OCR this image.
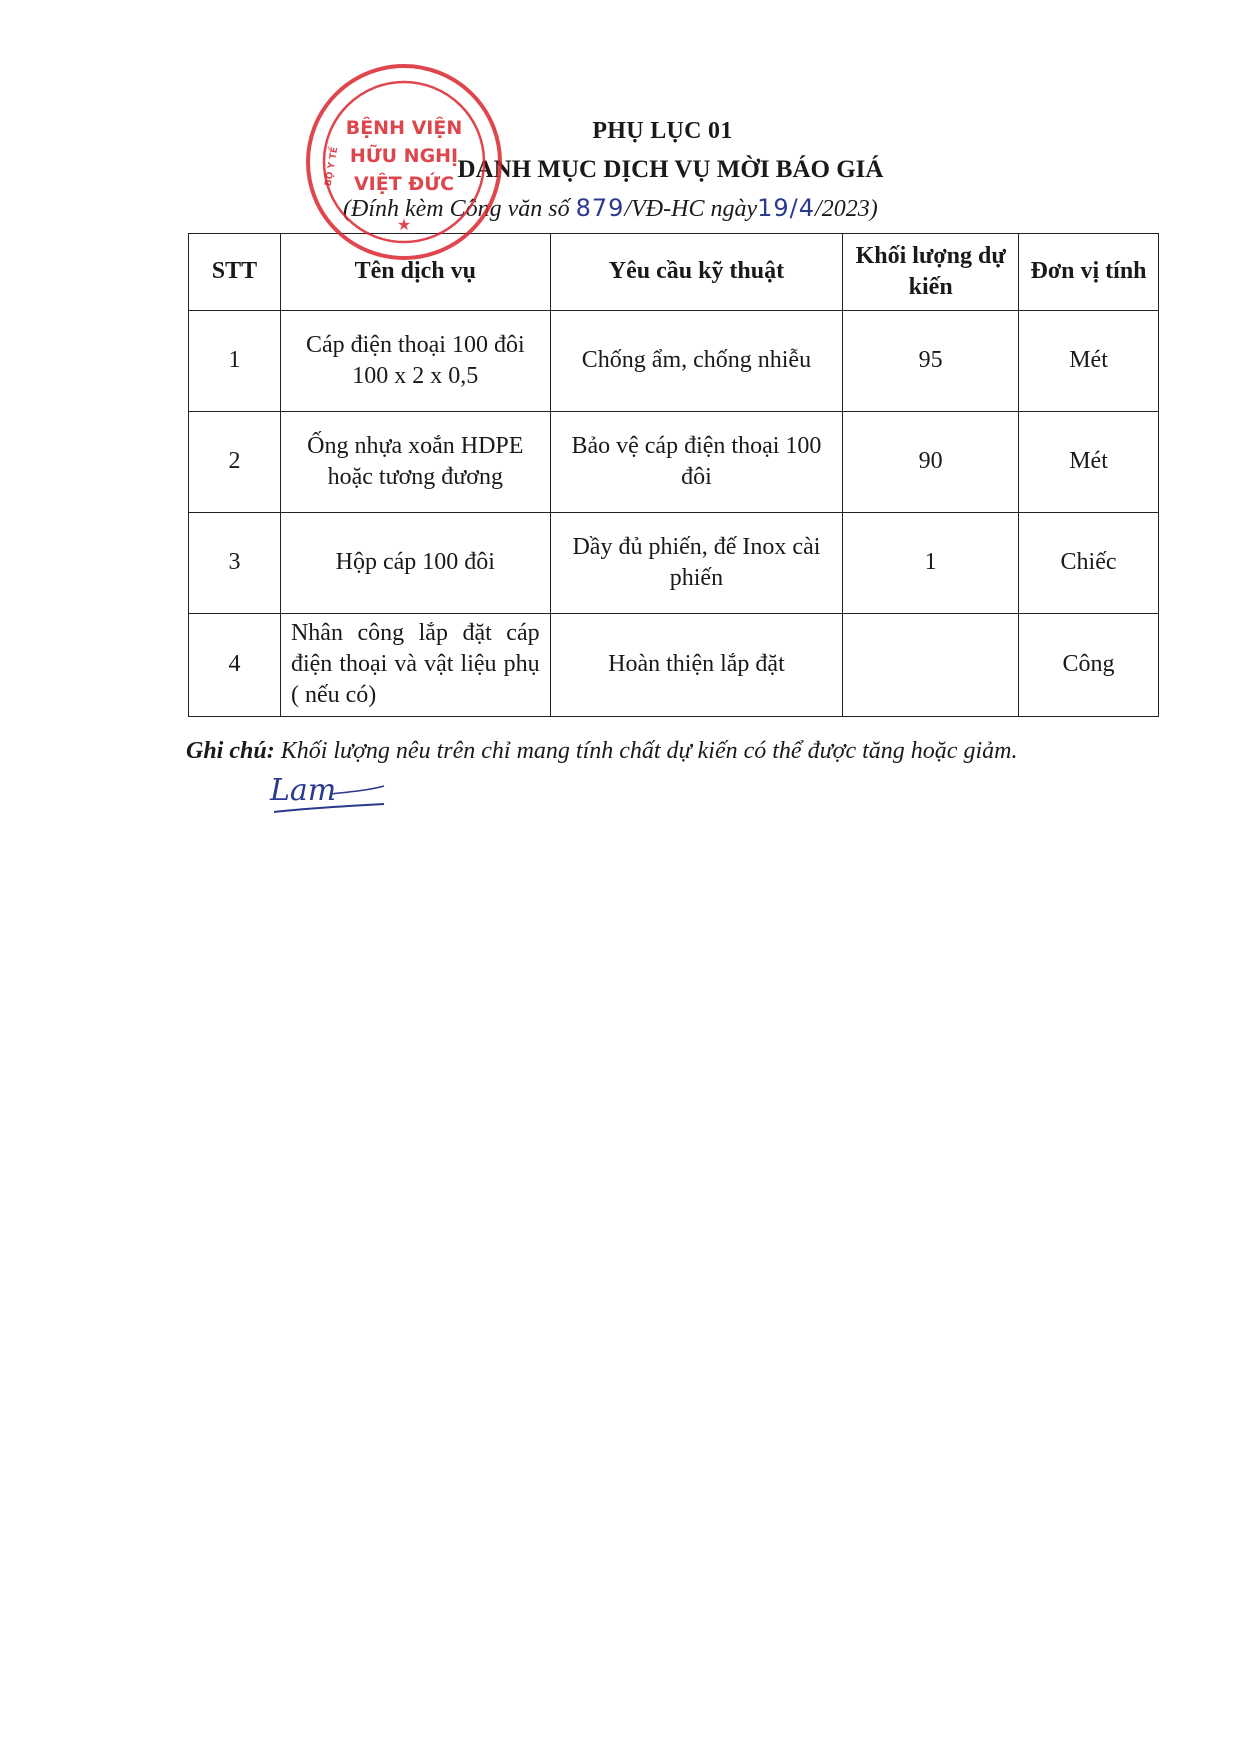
PHỤ LỤC 01
DANH MỤC DỊCH VỤ MỜI BÁO GIÁ
(Đính kèm Công văn số 879/VĐ-HC ngày19/4/2023)
STT	Tên dịch vụ	Yêu cầu kỹ thuật	Khối lượng dự kiến	Đơn vị tính
1	Cáp điện thoại 100 đôi 100 x 2 x 0,5	Chống ẩm, chống nhiễu	95	Mét
2	Ống nhựa xoắn HDPE hoặc tương đương	Bảo vệ cáp điện thoại 100 đôi	90	Mét
3	Hộp cáp 100 đôi	Dầy đủ phiến, đế Inox cài phiến	1	Chiếc
4	Nhân công lắp đặt cáp điện thoại và vật liệu phụ ( nếu có)	Hoàn thiện lắp đặt		Công
Ghi chú: Khối lượng nêu trên chỉ mang tính chất dự kiến có thể được tăng hoặc giảm.
BỆNH VIỆN
HỮU NGHỊ
VIỆT ĐỨC
BỘ Y TẾ
★
Lam
